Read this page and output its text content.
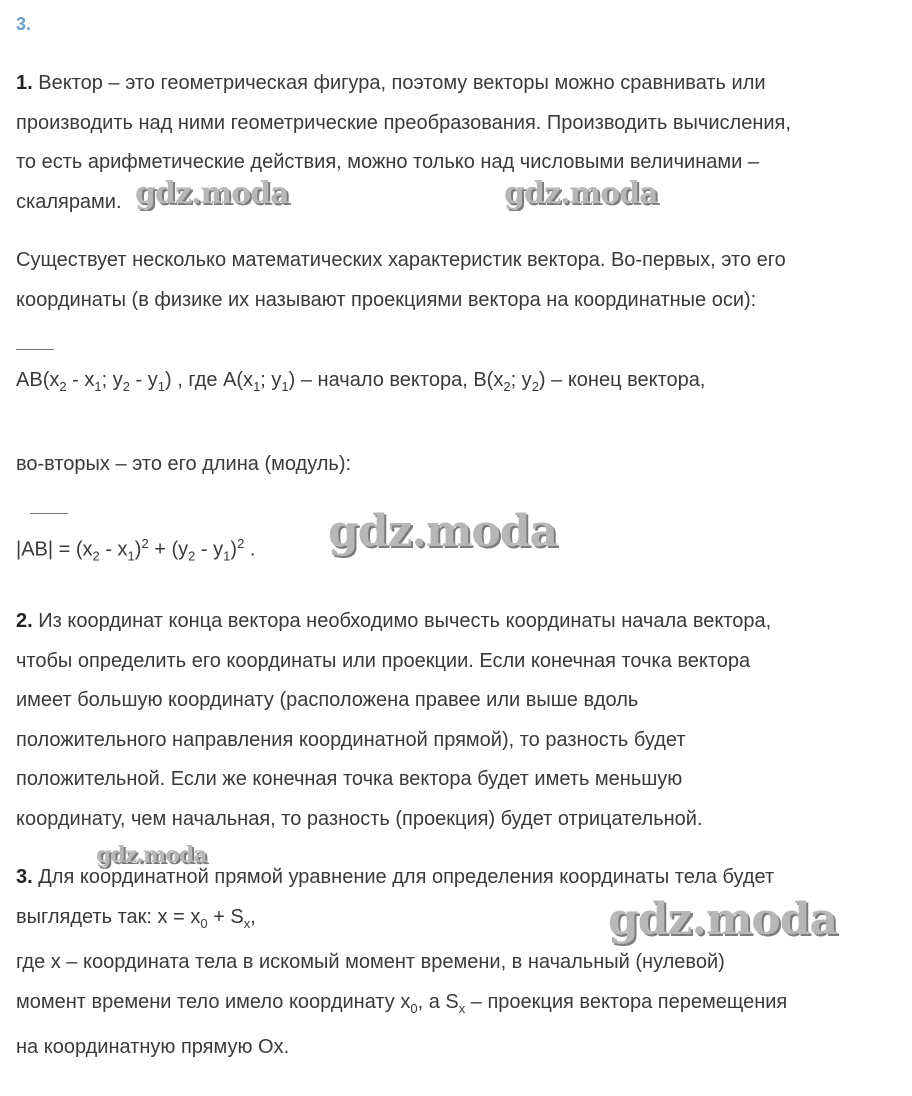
3.
1. Вектор – это геометрическая фигура, поэтому векторы можно сравнивать или
производить над ними геометрические преобразования. Производить вычисления,
то есть арифметические действия, можно только над числовыми величинами –
скалярами.
Существует несколько математических характеристик вектора. Во-первых, это его
координаты (в физике их называют проекциями вектора на координатные оси):
$AB(x_2 - x_1$; $y_2 - y_1$) , где $A(x_1$; $y_1$) – начало вектора, $B(x_2$; $y_2$) – конец вектора,
во-вторых – это его длина (модуль):
$|AB| = (x_2 - x_1)^2 + (y_2 - y_1)^2$ .
2. Из координат конца вектора необходимо вычесть координаты начала вектора,
чтобы определить его координаты или проекции. Если конечная точка вектора
имеет большую координату (расположена правее или выше вдоль
положительного направления координатной прямой), то разность будет
положительной. Если же конечная точка вектора будет иметь меньшую
координату, чем начальная, то разность (проекция) будет отрицательной.
3. Для координатной прямой уравнение для определения координаты тела будет
выглядеть так: $x = x_0 + S_x$,
где x – координата тела в искомый момент времени, в начальный (нулевой)
момент времени тело имело координату $x_0$, а $S_x$ – проекция вектора перемещения
на координатную прямую Ox.
gdz.moda	gdz.moda
gdz.moda
gdz.moda
gdz.moda
